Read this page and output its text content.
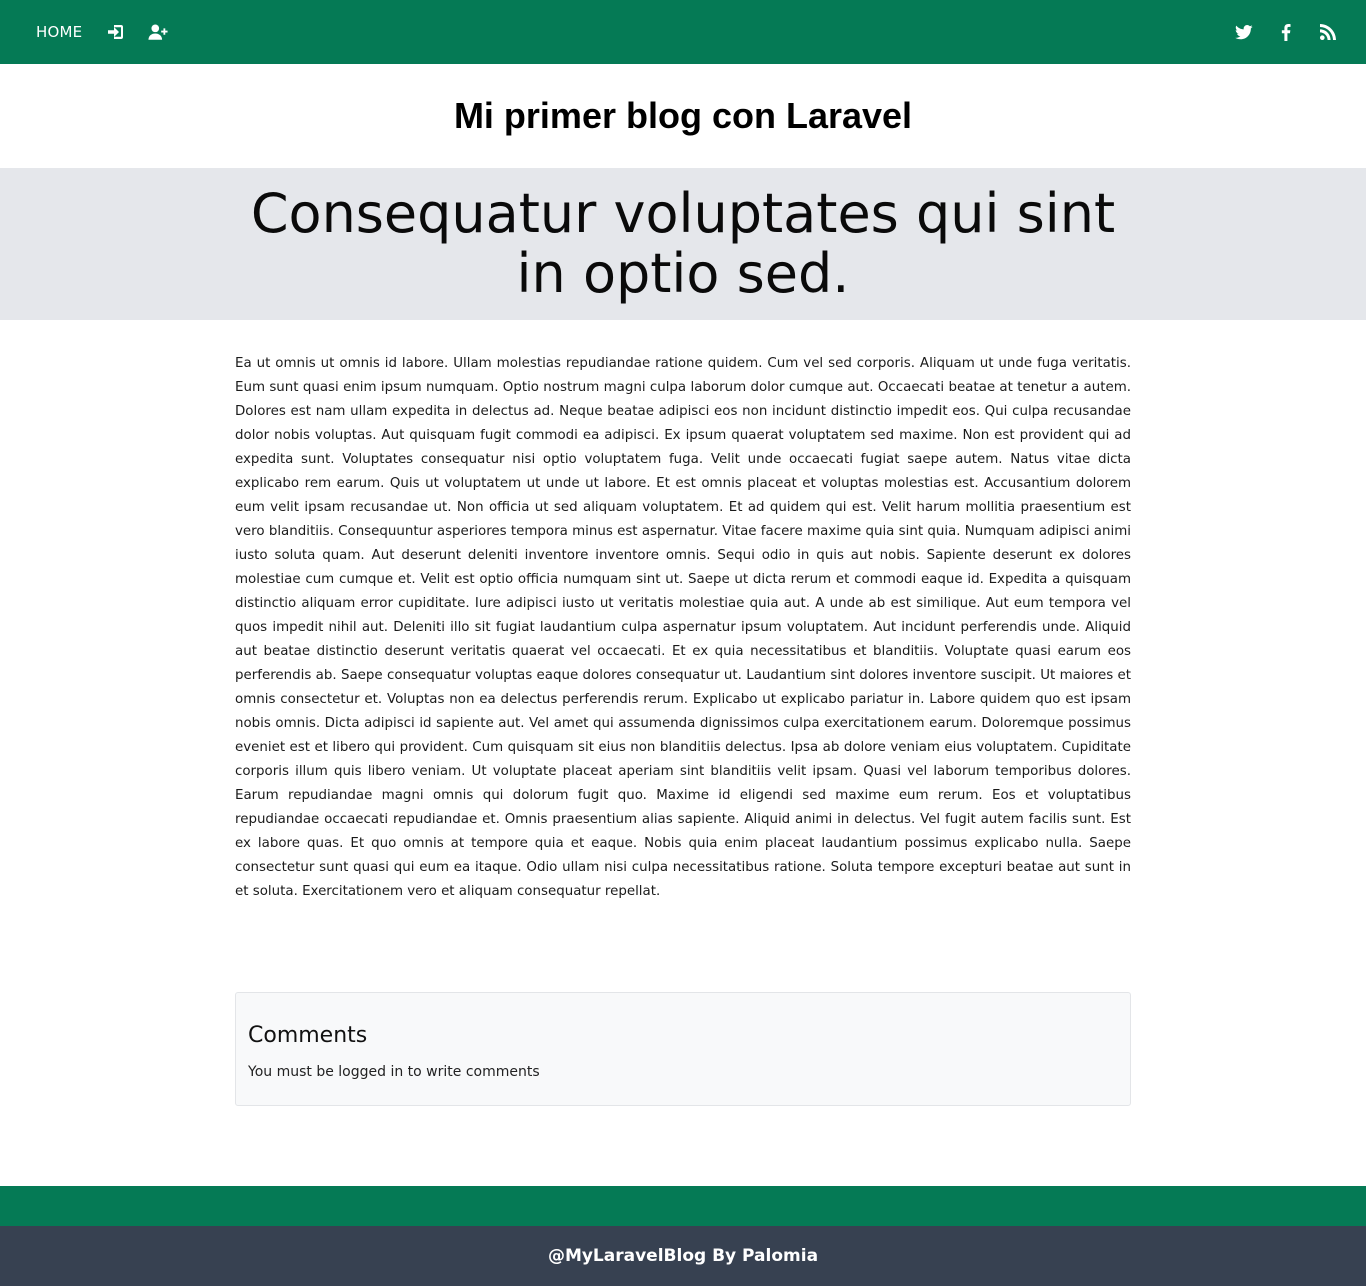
HOME
Mi primer blog con Laravel
Consequatur voluptates qui sint in optio sed.
Ea ut omnis ut omnis id labore. Ullam molestias repudiandae ratione quidem. Cum vel sed corporis. Aliquam ut unde fuga veritatis. Eum sunt quasi enim ipsum numquam. Optio nostrum magni culpa laborum dolor cumque aut. Occaecati beatae at tenetur a autem. Dolores est nam ullam expedita in delectus ad. Neque beatae adipisci eos non incidunt distinctio impedit eos. Qui culpa recusandae dolor nobis voluptas. Aut quisquam fugit commodi ea adipisci. Ex ipsum quaerat voluptatem sed maxime. Non est provident qui ad expedita sunt. Voluptates consequatur nisi optio voluptatem fuga. Velit unde occaecati fugiat saepe autem. Natus vitae dicta explicabo rem earum. Quis ut voluptatem ut unde ut labore. Et est omnis placeat et voluptas molestias est. Accusantium dolorem eum velit ipsam recusandae ut. Non officia ut sed aliquam voluptatem. Et ad quidem qui est. Velit harum mollitia praesentium est vero blanditiis. Consequuntur asperiores tempora minus est aspernatur. Vitae facere maxime quia sint quia. Numquam adipisci animi iusto soluta quam. Aut deserunt deleniti inventore inventore omnis. Sequi odio in quis aut nobis. Sapiente deserunt ex dolores molestiae cum cumque et. Velit est optio officia numquam sint ut. Saepe ut dicta rerum et commodi eaque id. Expedita a quisquam distinctio aliquam error cupiditate. Iure adipisci iusto ut veritatis molestiae quia aut. A unde ab est similique. Aut eum tempora vel quos impedit nihil aut. Deleniti illo sit fugiat laudantium culpa aspernatur ipsum voluptatem. Aut incidunt perferendis unde. Aliquid aut beatae distinctio deserunt veritatis quaerat vel occaecati. Et ex quia necessitatibus et blanditiis. Voluptate quasi earum eos perferendis ab. Saepe consequatur voluptas eaque dolores consequatur ut. Laudantium sint dolores inventore suscipit. Ut maiores et omnis consectetur et. Voluptas non ea delectus perferendis rerum. Explicabo ut explicabo pariatur in. Labore quidem quo est ipsam nobis omnis. Dicta adipisci id sapiente aut. Vel amet qui assumenda dignissimos culpa exercitationem earum. Doloremque possimus eveniet est et libero qui provident. Cum quisquam sit eius non blanditiis delectus. Ipsa ab dolore veniam eius voluptatem. Cupiditate corporis illum quis libero veniam. Ut voluptate placeat aperiam sint blanditiis velit ipsam. Quasi vel laborum temporibus dolores. Earum repudiandae magni omnis qui dolorum fugit quo. Maxime id eligendi sed maxime eum rerum. Eos et voluptatibus repudiandae occaecati repudiandae et. Omnis praesentium alias sapiente. Aliquid animi in delectus. Vel fugit autem facilis sunt. Est ex labore quas. Et quo omnis at tempore quia et eaque. Nobis quia enim placeat laudantium possimus explicabo nulla. Saepe consectetur sunt quasi qui eum ea itaque. Odio ullam nisi culpa necessitatibus ratione. Soluta tempore excepturi beatae aut sunt in et soluta. Exercitationem vero et aliquam consequatur repellat.
Comments

You must be logged in to write comments

@MyLaravelBlog By Palomia
